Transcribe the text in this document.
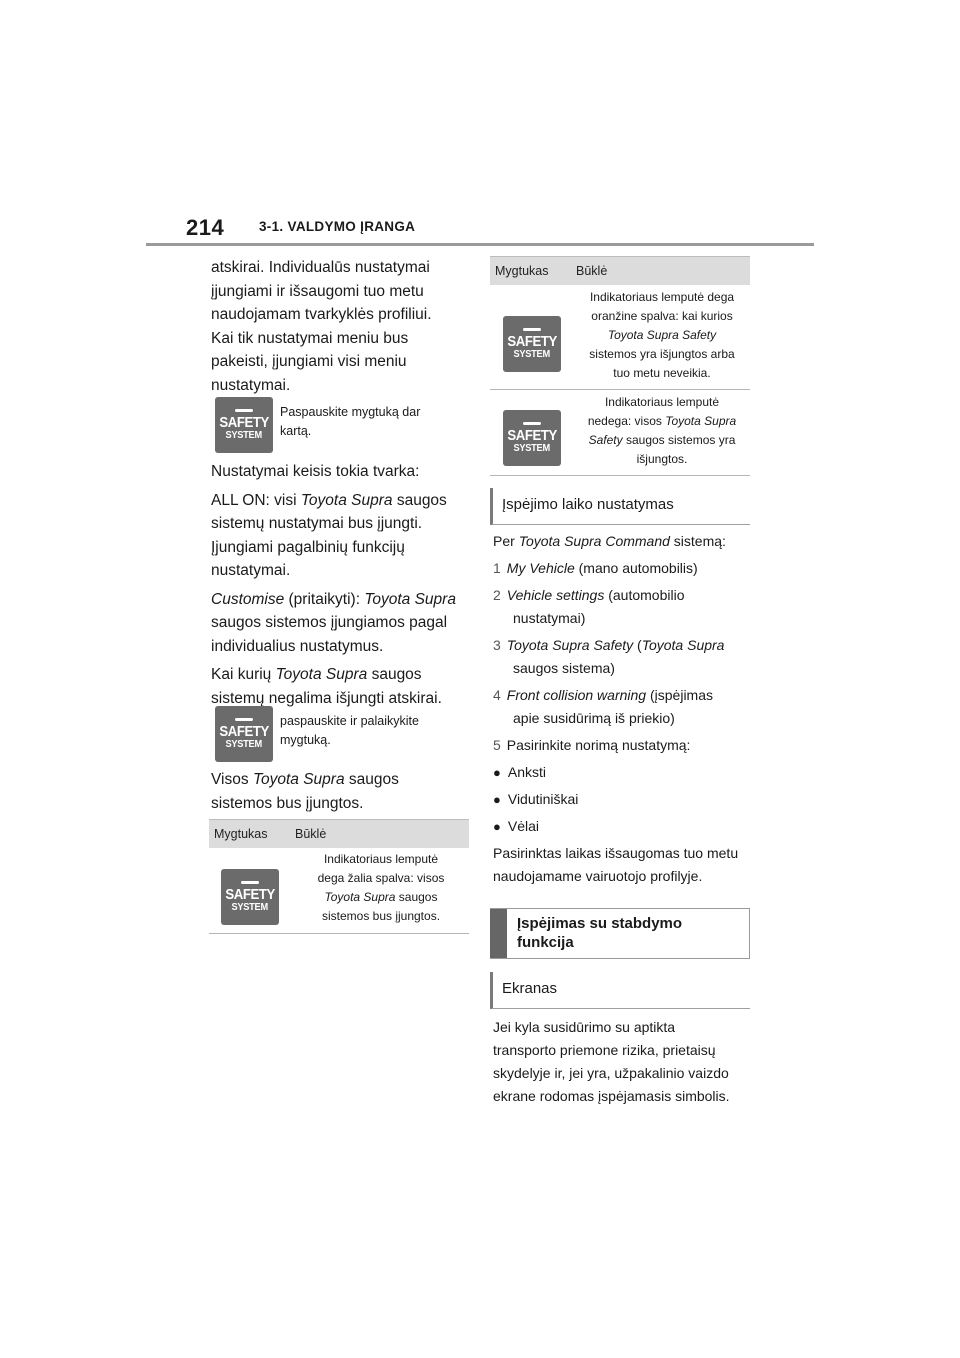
214	3-1. VALDYMO ĮRANGA

atskirai. Individualūs nustatymai

įjungiami ir išsaugomi tuo metu

naudojamam tvarkyklės profiliui.

Kai tik nustatymai meniu bus

pakeisti, įjungiami visi meniu

nustatymai.

SAFETY
SYSTEM

Paspauskite mygtuką dar

kartą.

Nustatymai keisis tokia tvarka:

ALL ON: visi Toyota Supra saugos

sistemų nustatymai bus įjungti.

Įjungiami pagalbinių funkcijų

nustatymai.

Customise (pritaikyti): Toyota Supra

saugos sistemos įjungiamos pagal

individualius nustatymus.

Kai kurių Toyota Supra saugos

sistemų negalima išjungti atskirai.

SAFETY
SYSTEM

paspauskite ir palaikykite

mygtuką.

Visos Toyota Supra saugos

sistemos bus įjungtos.

Mygtukas Būklė
SAFETY
SYSTEM

Indikatoriaus lemputė

dega žalia spalva: visos

Toyota Supra saugos

sistemos bus įjungtos.

Mygtukas Būklė
SAFETY
SYSTEM

Indikatoriaus lemputė dega

oranžine spalva: kai kurios

Toyota Supra Safety

sistemos yra išjungtos arba

tuo metu neveikia.

SAFETY
SYSTEM

Indikatoriaus lemputė

nedega: visos Toyota Supra

Safety saugos sistemos yra

išjungtos.

Įspėjimo laiko nustatymas

Per Toyota Supra Command sistemą:

1 My Vehicle (mano automobilis)

2 Vehicle settings (automobilio

nustatymai)

3 Toyota Supra Safety (Toyota Supra

saugos sistema)

4 Front collision warning (įspėjimas

apie susidūrimą iš priekio)

5 Pasirinkite norimą nustatymą:

● Anksti

● Vidutiniškai

● Vėlai

Pasirinktas laikas išsaugomas tuo metu

naudojamame vairuotojo profilyje.

Įspėjimas su stabdymo
funkcija
Ekranas

Jei kyla susidūrimo su aptikta

transporto priemone rizika, prietaisų

skydelyje ir, jei yra, užpakalinio vaizdo

ekrane rodomas įspėjamasis simbolis.
